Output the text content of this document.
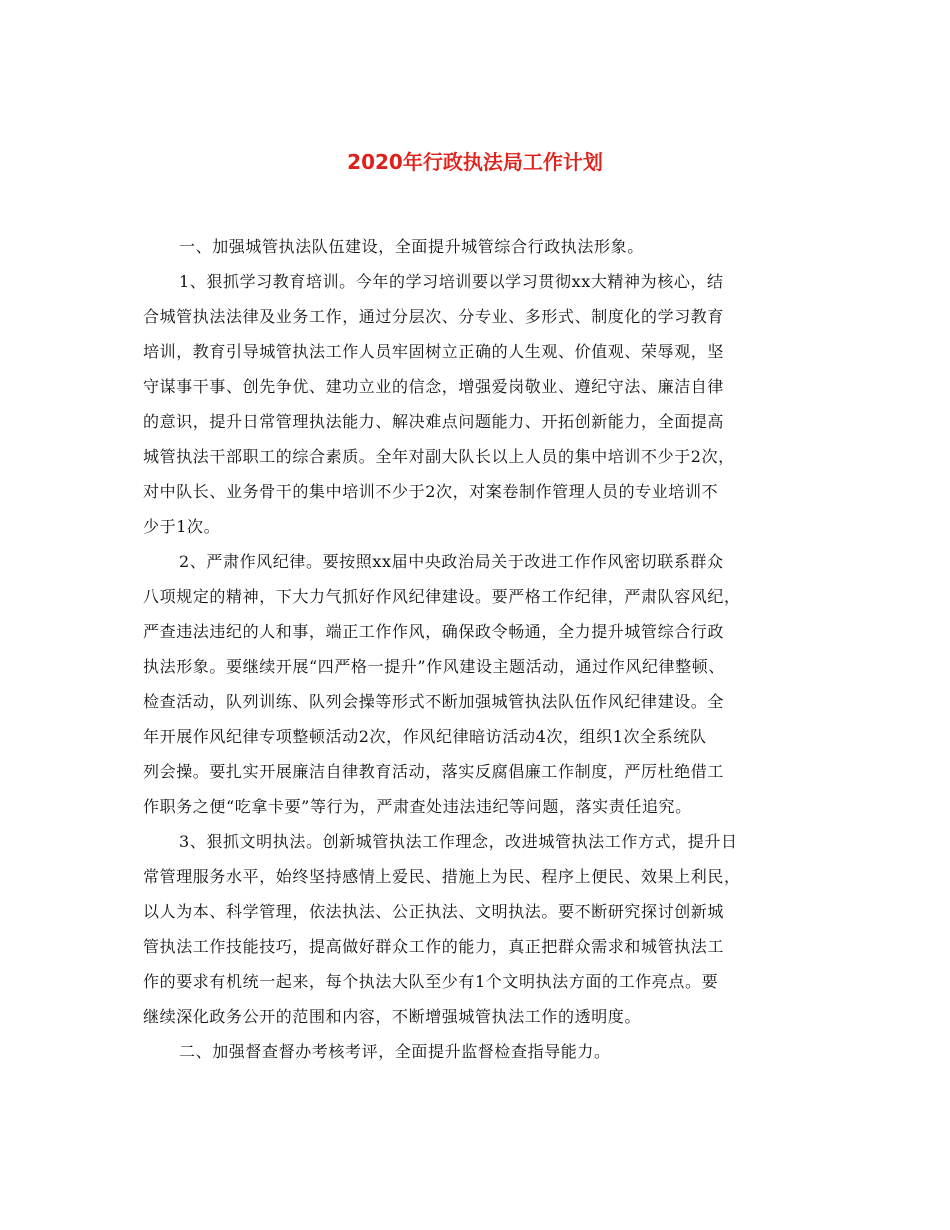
2020年行政执法局工作计划

一、加强城管执法队伍建设，全面提升城管综合行政执法形象。

1、狠抓学习教育培训。今年的学习培训要以学习贯彻xx大精神为核心，结
合城管执法法律及业务工作，通过分层次、分专业、多形式、制度化的学习教育
培训，教育引导城管执法工作人员牢固树立正确的人生观、价值观、荣辱观，坚
守谋事干事、创先争优、建功立业的信念，增强爱岗敬业、遵纪守法、廉洁自律
的意识，提升日常管理执法能力、解决难点问题能力、开拓创新能力，全面提高
城管执法干部职工的综合素质。全年对副大队长以上人员的集中培训不少于2次，
对中队长、业务骨干的集中培训不少于2次，对案卷制作管理人员的专业培训不
少于1次。

2、严肃作风纪律。要按照xx届中央政治局关于改进工作作风密切联系群众
八项规定的精神，下大力气抓好作风纪律建设。要严格工作纪律，严肃队容风纪，
严查违法违纪的人和事，端正工作作风，确保政令畅通，全力提升城管综合行政
执法形象。要继续开展“四严格一提升”作风建设主题活动，通过作风纪律整顿、
检查活动，队列训练、队列会操等形式不断加强城管执法队伍作风纪律建设。全
年开展作风纪律专项整顿活动2次，作风纪律暗访活动4次，组织1次全系统队
列会操。要扎实开展廉洁自律教育活动，落实反腐倡廉工作制度，严厉杜绝借工
作职务之便“吃拿卡要”等行为，严肃查处违法违纪等问题，落实责任追究。

3、狠抓文明执法。创新城管执法工作理念，改进城管执法工作方式，提升日
常管理服务水平，始终坚持感情上爱民、措施上为民、程序上便民、效果上利民，
以人为本、科学管理，依法执法、公正执法、文明执法。要不断研究探讨创新城
管执法工作技能技巧，提高做好群众工作的能力，真正把群众需求和城管执法工
作的要求有机统一起来，每个执法大队至少有1个文明执法方面的工作亮点。要
继续深化政务公开的范围和内容，不断增强城管执法工作的透明度。

二、加强督查督办考核考评，全面提升监督检查指导能力。
